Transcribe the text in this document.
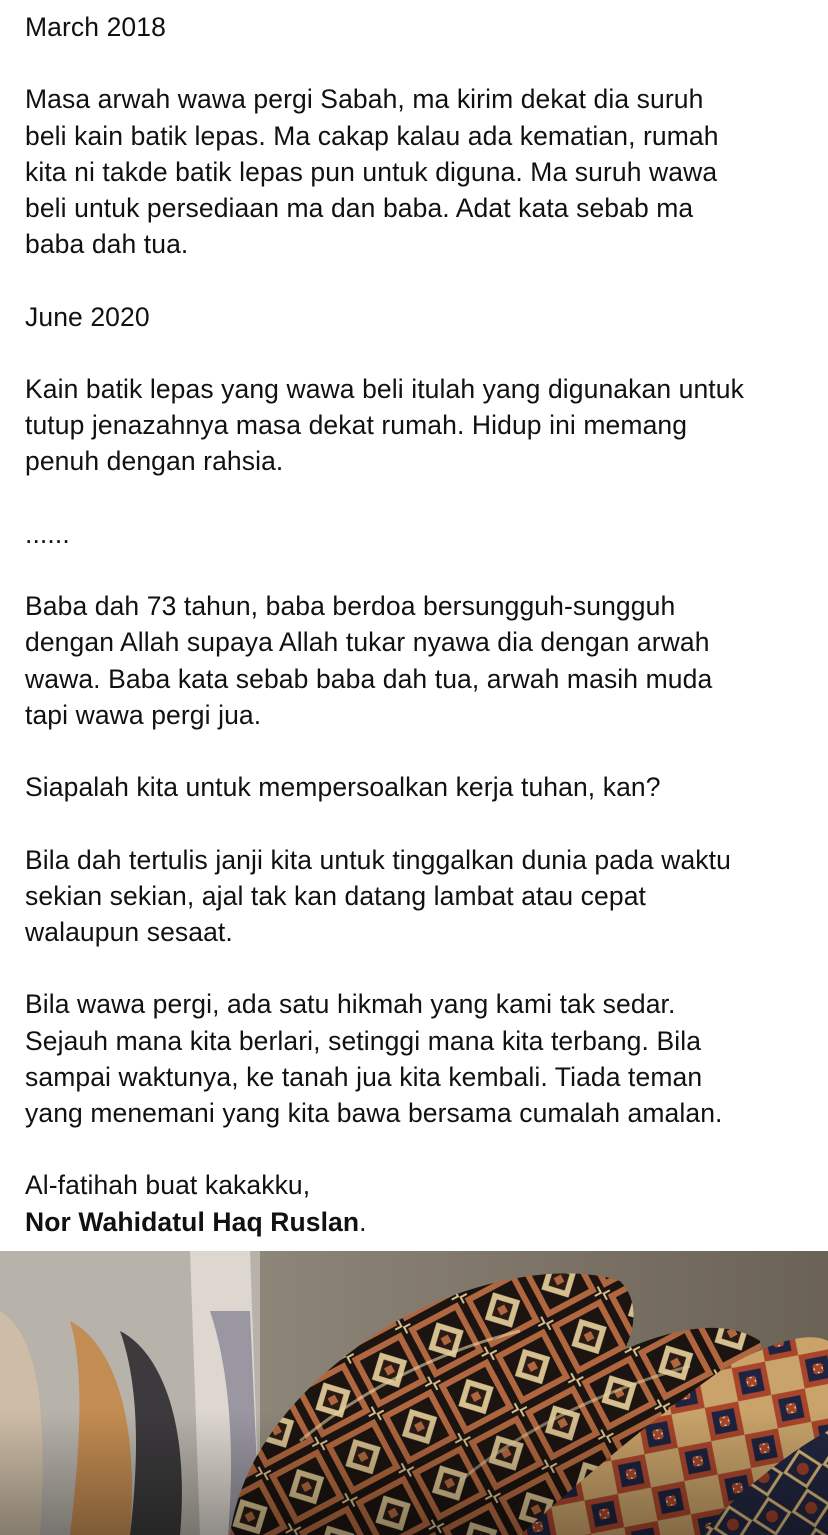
March 2018

Masa arwah wawa pergi Sabah, ma kirim dekat dia suruh
beli kain batik lepas. Ma cakap kalau ada kematian, rumah
kita ni takde batik lepas pun untuk diguna. Ma suruh wawa
beli untuk persediaan ma dan baba. Adat kata sebab ma
baba dah tua.

June 2020

Kain batik lepas yang wawa beli itulah yang digunakan untuk
tutup jenazahnya masa dekat rumah. Hidup ini memang
penuh dengan rahsia.

......

Baba dah 73 tahun, baba berdoa bersungguh-sungguh
dengan Allah supaya Allah tukar nyawa dia dengan arwah
wawa. Baba kata sebab baba dah tua, arwah masih muda
tapi wawa pergi jua.

Siapalah kita untuk mempersoalkan kerja tuhan, kan?

Bila dah tertulis janji kita untuk tinggalkan dunia pada waktu
sekian sekian, ajal tak kan datang lambat atau cepat
walaupun sesaat.

Bila wawa pergi, ada satu hikmah yang kami tak sedar.
Sejauh mana kita berlari, setinggi mana kita terbang. Bila
sampai waktunya, ke tanah jua kita kembali. Tiada teman
yang menemani yang kita bawa bersama cumalah amalan.

Al-fatihah buat kakakku,
Nor Wahidatul Haq Ruslan.
